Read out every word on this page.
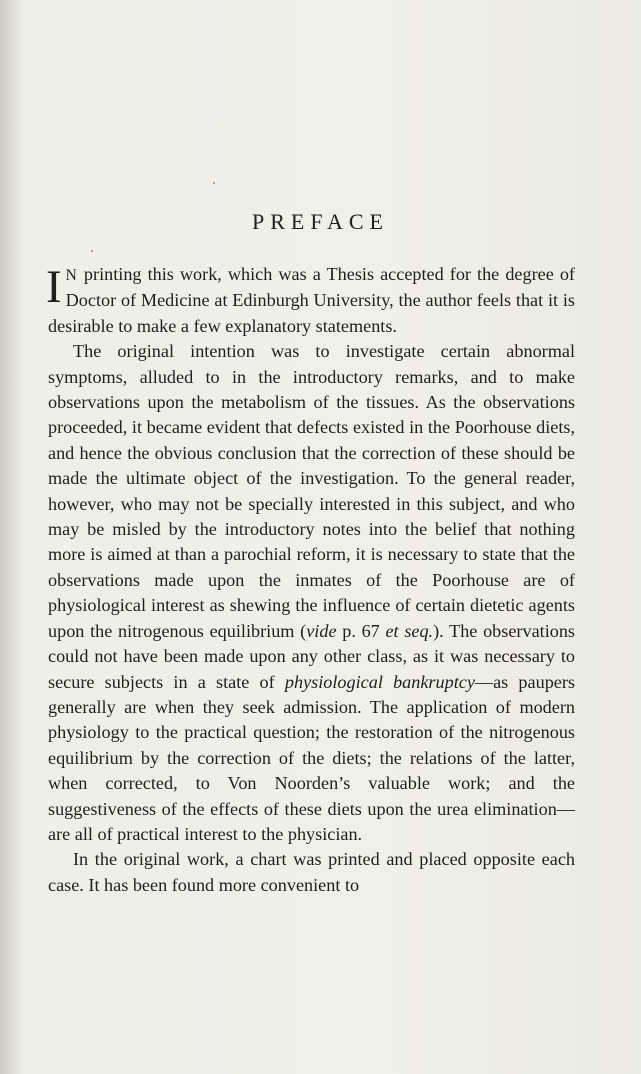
PREFACE

I N printing this work, which was a Thesis accepted for the degree of Doctor of Medicine at Edinburgh University, the author feels that it is desirable to make a few explanatory statements.

The original intention was to investigate certain abnormal symptoms, alluded to in the introductory remarks, and to make observations upon the metabolism of the tissues. As the observations proceeded, it became evident that defects existed in the Poorhouse diets, and hence the obvious conclusion that the correction of these should be made the ultimate object of the investigation. To the general reader, however, who may not be specially interested in this subject, and who may be misled by the introductory notes into the belief that nothing more is aimed at than a parochial reform, it is necessary to state that the observations made upon the inmates of the Poorhouse are of physiological interest as shewing the influence of certain dietetic agents upon the nitrogenous equilibrium (vide p. 67 et seq.). The observations could not have been made upon any other class, as it was necessary to secure subjects in a state of physiological bankruptcy—as paupers generally are when they seek admission. The application of modern physiology to the practical question; the restoration of the nitrogenous equilibrium by the correction of the diets; the relations of the latter, when corrected, to Von Noorden’s valuable work; and the suggestiveness of the effects of these diets upon the urea elimination—are all of practical interest to the physician.

In the original work, a chart was printed and placed opposite each case. It has been found more convenient to
